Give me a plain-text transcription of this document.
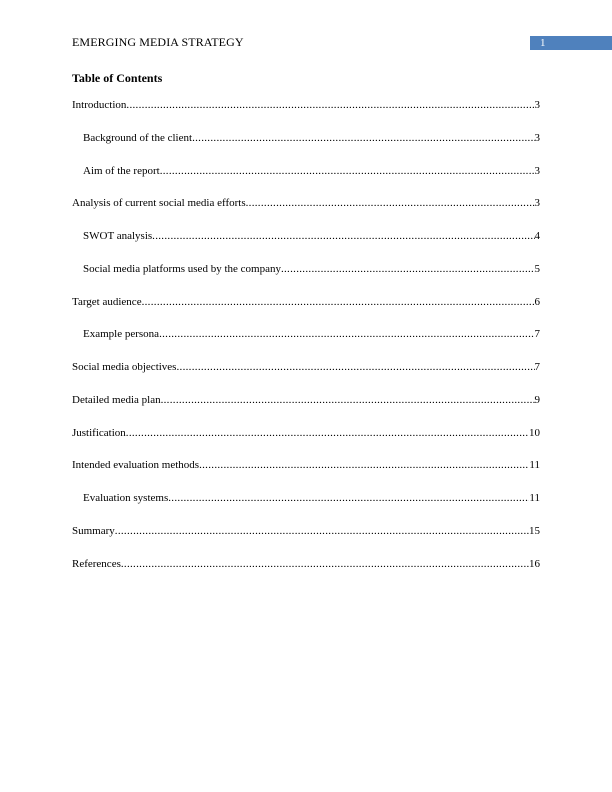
EMERGING MEDIA STRATEGY	1
Table of Contents
Introduction .....	3
Background of the client .....	3
Aim of the report .....	3
Analysis of current social media efforts .....	3
SWOT analysis .....	4
Social media platforms used by the company .....	5
Target audience .....	6
Example persona .....	7
Social media objectives .....	7
Detailed media plan .....	9
Justification .....	10
Intended evaluation methods .....	11
Evaluation systems .....	11
Summary .....	15
References .....	16
